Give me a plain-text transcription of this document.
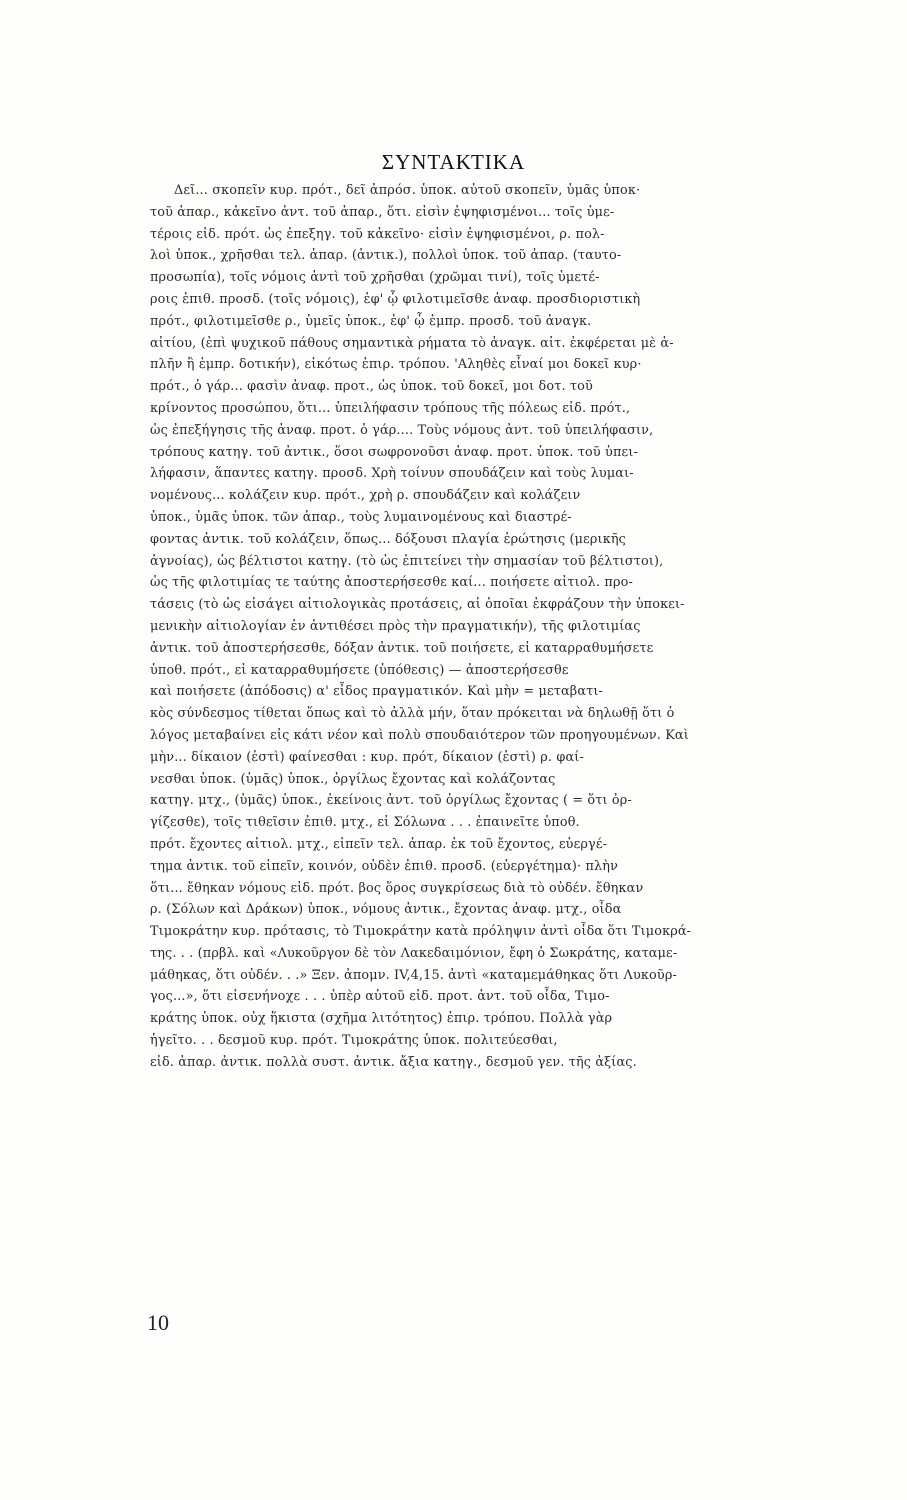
ΣΥΝΤΑΚΤΙΚΑ
Δεῖ... σκοπεῖν κυρ. πρότ., δεῖ ἀπρόσ. ὑποκ. αὐτοῦ σκοπεῖν, ὑμᾶς ὑποκ·
τοῦ ἀπαρ., κἀκεῖνο ἀντ. τοῦ ἀπαρ., ὅτι. εἰσὶν ἐψηφισμένοι... τοῖς ὑμε-
τέροις εἰδ. πρότ. ὡς ἐπεξηγ. τοῦ κἀκεῖνο· εἰσὶν ἐψηφισμένοι, ρ. πολ-
λοὶ ὑποκ., χρῆσθαι τελ. ἀπαρ. (ἀντικ.), πολλοὶ ὑποκ. τοῦ ἀπαρ. (ταυτο-
προσωπία), τοῖς νόμοις ἀντὶ τοῦ χρῆσθαι (χρῶμαι τινί), τοῖς ὑμετέ-
ροις ἐπιθ. προσδ. (τοῖς νόμοις), ἐφ' ᾧ φιλοτιμεῖσθε ἀναφ. προσδιοριστικὴ
πρότ., φιλοτιμεῖσθε ρ., ὑμεῖς ὑποκ., ἐφ' ᾧ ἐμπρ. προσδ. τοῦ ἀναγκ.
αἰτίου, (ἐπὶ ψυχικοῦ πάθους σημαντικὰ ρήματα τὸ ἀναγκ. αἰτ. ἐκφέρεται μὲ ἁ-
πλῆν ἢ ἐμπρ. δοτικήν), εἰκότως ἐπιρ. τρόπου. 'Αληθὲς εἶναί μοι δοκεῖ κυρ·
πρότ., ὁ γάρ... φασὶν ἀναφ. προτ., ὡς ὑποκ. τοῦ δοκεῖ, μοι δοτ. τοῦ
κρίνοντος προσώπου, ὅτι... ὑπειλήφασιν τρόπους τῆς πόλεως εἰδ. πρότ.,
ὡς ἐπεξήγησις τῆς ἀναφ. προτ. ὁ γάρ.... Τοὺς νόμους ἀντ. τοῦ ὑπειλήφασιν,
τρόπους κατηγ. τοῦ ἀντικ., ὅσοι σωφρονοῦσι ἀναφ. προτ. ὑποκ. τοῦ ὑπει-
λήφασιν, ἅπαντες κατηγ. προσδ. Χρὴ τοίνυν σπουδάζειν καὶ τοὺς λυμαι-
νομένους... κολάζειν κυρ. πρότ., χρὴ ρ. σπουδάζειν καὶ κολάζειν
ὑποκ., ὑμᾶς ὑποκ. τῶν ἀπαρ., τοὺς λυμαινομένους καὶ διαστρέ-
φοντας ἀντικ. τοῦ κολάζειν, ὅπως... δόξουσι πλαγία ἐρώτησις (μερικῆς
ἀγνοίας), ὡς βέλτιστοι κατηγ. (τὸ ὡς ἐπιτείνει τὴν σημασίαν τοῦ βέλτιστοι),
ὡς τῆς φιλοτιμίας τε ταύτης ἀποστερήσεσθε καί... ποιήσετε αἰτιολ. προ-
τάσεις (τὸ ὡς εἰσάγει αἰτιολογικὰς προτάσεις, αἱ ὁποῖαι ἐκφράζουν τὴν ὑποκει-
μενικὴν αἰτιολογίαν ἐν ἀντιθέσει πρὸς τὴν πραγματικήν), τῆς φιλοτιμίας
ἀντικ. τοῦ ἀποστερήσεσθε, δόξαν ἀντικ. τοῦ ποιήσετε, εἰ καταρραθυμήσετε
ὑποθ. πρότ., εἰ καταρραθυμήσετε (ὑπόθεσις) — ἀποστερήσεσθε
καὶ ποιήσετε (ἀπόδοσις) α' εἶδος πραγματικόν. Καὶ μὴν = μεταβατι-
κὸς σύνδεσμος τίθεται ὅπως καὶ τὸ ἀλλὰ μήν, ὅταν πρόκειται νὰ δηλωθῇ ὅτι ὁ
λόγος μεταβαίνει εἰς κάτι νέον καὶ πολὺ σπουδαιότερον τῶν προηγουμένων. Καὶ
μὴν... δίκαιον (ἐστὶ) φαίνεσθαι : κυρ. πρότ, δίκαιον (ἐστὶ) ρ. φαί-
νεσθαι ὑποκ. (ὑμᾶς) ὑποκ., ὀργίλως ἔχοντας καὶ κολάζοντας
κατηγ. μτχ., (ὑμᾶς) ὑποκ., ἐκείνοις ἀντ. τοῦ ὀργίλως ἔχοντας ( = ὅτι ὀρ-
γίζεσθε), τοῖς τιθεῖσιν ἐπιθ. μτχ., εἰ Σόλωνα . . . ἐπαινεῖτε ὑποθ.
πρότ. ἔχοντες αἰτιολ. μτχ., εἰπεῖν τελ. ἀπαρ. ἐκ τοῦ ἔχοντος, εὐεργέ-
τημα ἀντικ. τοῦ εἰπεῖν, κοινόν, οὐδὲν ἐπιθ. προσδ. (εὐεργέτημα)· πλὴν
ὅτι... ἔθηκαν νόμους εἰδ. πρότ. βος ὅρος συγκρίσεως διὰ τὸ οὐδέν. ἔθηκαν
ρ. (Σόλων καὶ Δράκων) ὑποκ., νόμους ἀντικ., ἔχοντας ἀναφ. μτχ., οἶδα
Τιμοκράτην κυρ. πρότασις, τὸ Τιμοκράτην κατὰ πρόληψιν ἀντὶ οἶδα ὅτι Τιμοκρά-
της. . . (πρβλ. καὶ «Λυκοῦργον δὲ τὸν Λακεδαιμόνιον, ἔφη ὁ Σωκράτης, καταμε-
μάθηκας, ὅτι οὐδέν. . .» Ξεν. ἀπομν. IV,4,15. ἀντὶ «καταμεμάθηκας ὅτι Λυκοῦρ-
γος...», ὅτι εἰσενήνοχε . . . ὑπὲρ αὐτοῦ εἰδ. προτ. ἀντ. τοῦ οἶδα, Τιμο-
κράτης ὑποκ. οὐχ ἥκιστα (σχῆμα λιτότητος) ἐπιρ. τρόπου. Πολλὰ γὰρ
ἡγεῖτο. . . δεσμοῦ κυρ. πρότ. Τιμοκράτης ὑποκ. πολιτεύεσθαι,
εἰδ. ἀπαρ. ἀντικ. πολλὰ συστ. ἀντικ. ἄξια κατηγ., δεσμοῦ γεν. τῆς ἀξίας.
10
